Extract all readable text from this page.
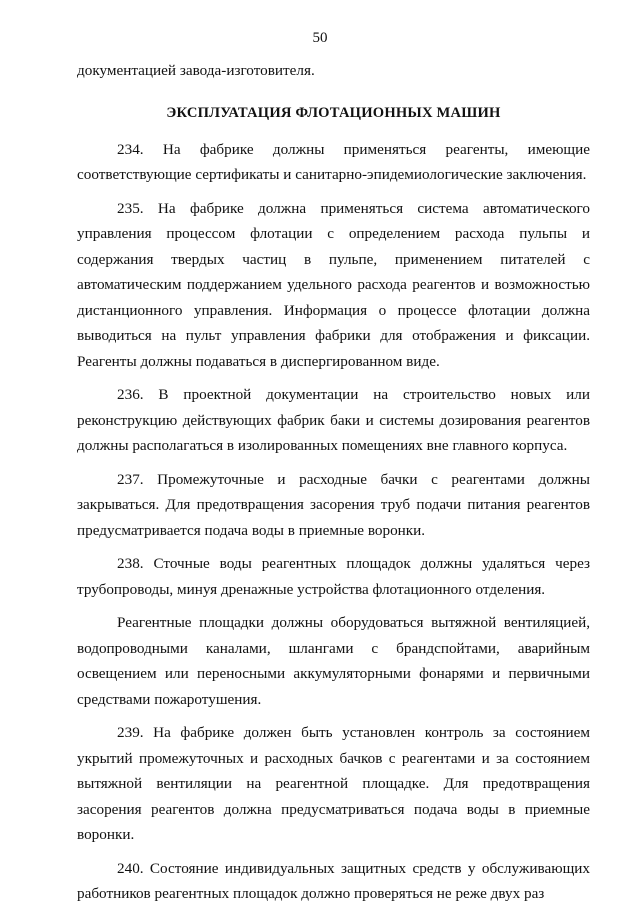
50

документацией завода-изготовителя.

ЭКСПЛУАТАЦИЯ ФЛОТАЦИОННЫХ МАШИН

234. На фабрике должны применяться реагенты, имеющие соответствующие сертификаты и санитарно-эпидемиологические заключения.

235. На фабрике должна применяться система автоматического управления процессом флотации с определением расхода пульпы и содержания твердых частиц в пульпе, применением питателей с автоматическим поддержанием удельного расхода реагентов и возможностью дистанционного управления. Информация о процессе флотации должна выводиться на пульт управления фабрики для отображения и фиксации. Реагенты должны подаваться в диспергированном виде.

236. В проектной документации на строительство новых или реконструкцию действующих фабрик баки и системы дозирования реагентов должны располагаться в изолированных помещениях вне главного корпуса.

237. Промежуточные и расходные бачки с реагентами должны закрываться. Для предотвращения засорения труб подачи питания реагентов предусматривается подача воды в приемные воронки.

238. Сточные воды реагентных площадок должны удаляться через трубопроводы, минуя дренажные устройства флотационного отделения.

Реагентные площадки должны оборудоваться вытяжной вентиляцией, водопроводными каналами, шлангами с брандспойтами, аварийным освещением или переносными аккумуляторными фонарями и первичными средствами пожаротушения.

239. На фабрике должен быть установлен контроль за состоянием укрытий промежуточных и расходных бачков с реагентами и за состоянием вытяжной вентиляции на реагентной площадке. Для предотвращения засорения реагентов должна предусматриваться подача воды в приемные воронки.

240. Состояние индивидуальных защитных средств у обслуживающих работников реагентных площадок должно проверяться не реже двух раз
